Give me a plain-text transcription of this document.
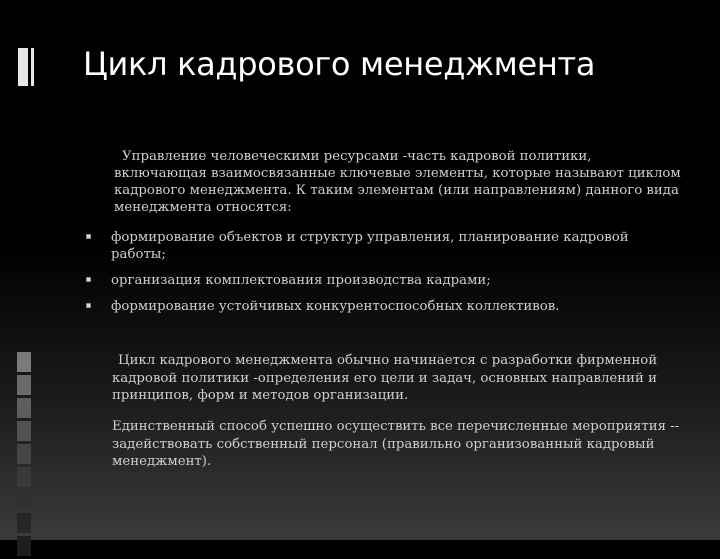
Цикл кадрового менеджмента

Управление человеческими ресурсами -часть кадровой политики, включающая взаимосвязанные ключевые элементы, которые называют циклом кадрового менеджмента. К таким элементам (или направлениям) данного вида менеджмента относятся:

формирование объектов и структур управления, планирование кадровой работы;
организация комплектования производства кадрами;
формирование устойчивых конкурентоспособных коллективов.

Цикл кадрового менеджмента обычно начинается с разработки фирменной кадровой политики -определения его цели и задач, основных направлений и принципов, форм и методов организации.

Единственный способ успешно осуществить все перечисленные мероприятия -- задействовать собственный персонал (правильно организованный кадровый менеджмент).
